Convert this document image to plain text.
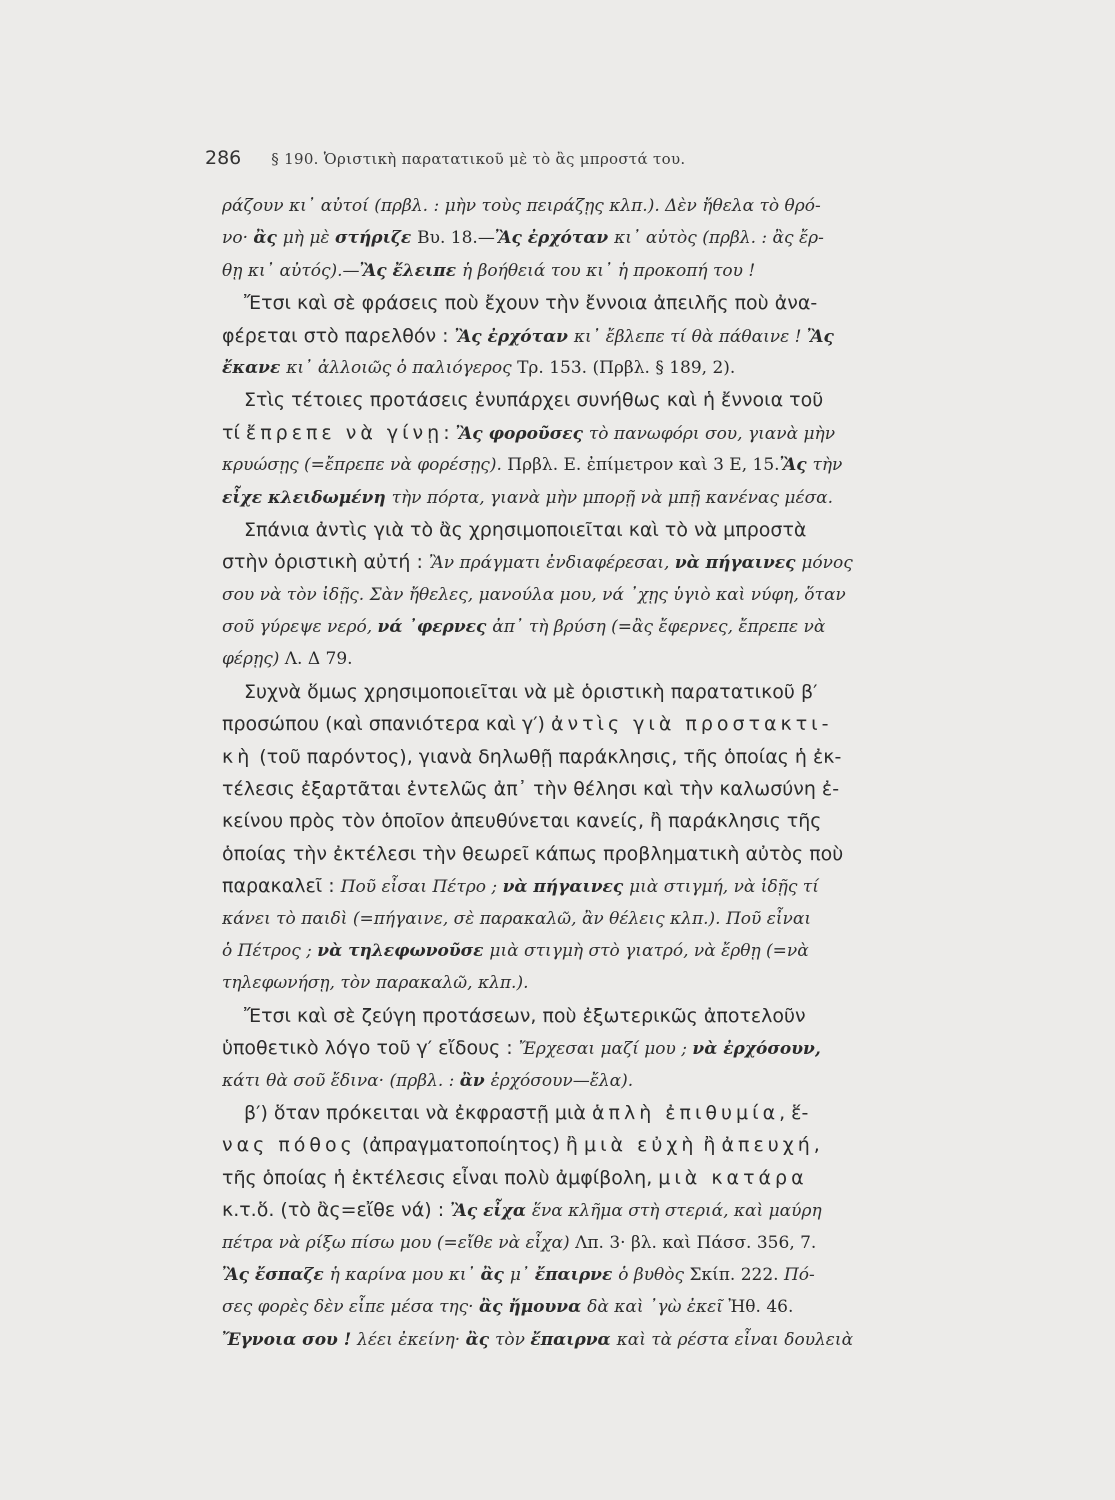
286 § 190. Ὁριστικὴ παρατατικοῦ μὲ τὸ ἂς μπροστά του.
ράζουν κι᾿ αὐτοί (πρβλ. : μὴν τοὺς πειράζῃς κλπ.). Δὲν ἤθελα τὸ θρό-
νο· ἂς μὴ μὲ στήριζε Βυ. 18.—Ἂς ἐρχόταν κι᾿ αὐτὸς (πρβλ. : ἂς ἔρ-
θῃ κι᾿ αὐτός).—Ἂς ἔλειπε ἡ βοήθειά του κι᾿ ἡ προκοπή του !
Ἔτσι καὶ σὲ φράσεις ποὺ ἔχουν τὴν ἔννοια ἀπειλῆς ποὺ ἀνα-
φέρεται στὸ παρελθόν : Ἂς ἐρχόταν κι᾿ ἔβλεπε τί θὰ πάθαινε ! Ἂς
ἔκανε κι᾿ ἀλλοιῶς ὁ παλιόγερος Τρ. 153. (Πρβλ. § 189, 2).
Στὶς τέτοιες προτάσεις ἐνυπάρχει συνήθως καὶ ἡ ἔννοια τοῦ
τί ἔπρεπε νὰ γίνῃ: Ἂς φοροῦσες τὸ πανωφόρι σου, γιανὰ μὴν
κρυώσῃς (=ἔπρεπε νὰ φορέσῃς). Πρβλ. Ε. ἐπίμετρον καὶ 3 Ε, 15.Ἂς τὴν
εἶχε κλειδωμένη τὴν πόρτα, γιανὰ μὴν μπορῇ νὰ μπῇ κανένας μέσα.
Σπάνια ἀντὶς γιὰ τὸ ἂς χρησιμοποιεῖται καὶ τὸ νὰ μπροστὰ
στὴν ὁριστικὴ αὐτή : Ἂν πράγματι ἐνδιαφέρεσαι, νὰ πήγαινες μόνος
σου νὰ τὸν ἰδῇς. Σὰν ἤθελες, μανούλα μου, νά ᾿χῃς ὑγιὸ καὶ νύφη, ὅταν
σοῦ γύρεψε νερό, νά ᾿φερνες ἀπ᾿ τὴ βρύση (=ἂς ἔφερνες, ἔπρεπε νὰ
φέρῃς) Λ. Δ 79.
Συχνὰ ὅμως χρησιμοποιεῖται νὰ μὲ ὁριστικὴ παρατατικοῦ β′
προσώπου (καὶ σπανιότερα καὶ γ′) ἀντὶς γιὰ προστακτι-
κὴ (τοῦ παρόντος), γιανὰ δηλωθῇ παράκλησις, τῆς ὁποίας ἡ ἐκ-
τέλεσις ἐξαρτᾶται ἐντελῶς ἀπ᾿ τὴν θέλησι καὶ τὴν καλωσύνη ἐ-
κείνου πρὸς τὸν ὁποῖον ἀπευθύνεται κανείς, ἢ παράκλησις τῆς
ὁποίας τὴν ἐκτέλεσι τὴν θεωρεῖ κάπως προβληματικὴ αὐτὸς ποὺ
παρακαλεῖ : Ποῦ εἶσαι Πέτρο ; νὰ πήγαινες μιὰ στιγμή, νὰ ἰδῇς τί
κάνει τὸ παιδὶ (=πήγαινε, σὲ παρακαλῶ, ἂν θέλεις κλπ.). Ποῦ εἶναι
ὁ Πέτρος ; νὰ τηλεφωνοῦσε μιὰ στιγμὴ στὸ γιατρό, νὰ ἔρθῃ (=νὰ
τηλεφωνήσῃ, τὸν παρακαλῶ, κλπ.).
Ἔτσι καὶ σὲ ζεύγη προτάσεων, ποὺ ἐξωτερικῶς ἀποτελοῦν
ὑποθετικὸ λόγο τοῦ γ′ εἴδους : Ἔρχεσαι μαζί μου ; νὰ ἐρχόσουν,
κάτι θὰ σοῦ ἔδινα· (πρβλ. : ἂν ἐρχόσουν—ἔλα).
β′) ὅταν πρόκειται νὰ ἐκφραστῇ μιὰ ἁπλὴ ἐπιθυμία, ἕ-
νας πόθος (ἀπραγματοποίητος) ἢ μιὰ εὐχὴ ἢ ἀπευχή,
τῆς ὁποίας ἡ ἐκτέλεσις εἶναι πολὺ ἀμφίβολη, μιὰ κατάρα
κ.τ.ὅ. (τὸ ἂς=εἴθε νά) : Ἂς εἶχα ἕνα κλῆμα στὴ στεριά, καὶ μαύρη
πέτρα νὰ ρίξω πίσω μου (=εἴθε νὰ εἶχα) Λπ. 3· βλ. καὶ Πάσσ. 356, 7.
Ἂς ἔσπαζε ἡ καρίνα μου κι᾿ ἂς μ᾿ ἔπαιρνε ὁ βυθὸς Σκίπ. 222. Πό-
σες φορὲς δὲν εἶπε μέσα της· ἂς ἤμουνα δὰ καὶ ᾿γὼ ἐκεῖ Ἠθ. 46.
Ἔγνοια σου ! λέει ἐκείνη· ἂς τὸν ἔπαιρνα καὶ τὰ ρέστα εἶναι δουλειὰ
